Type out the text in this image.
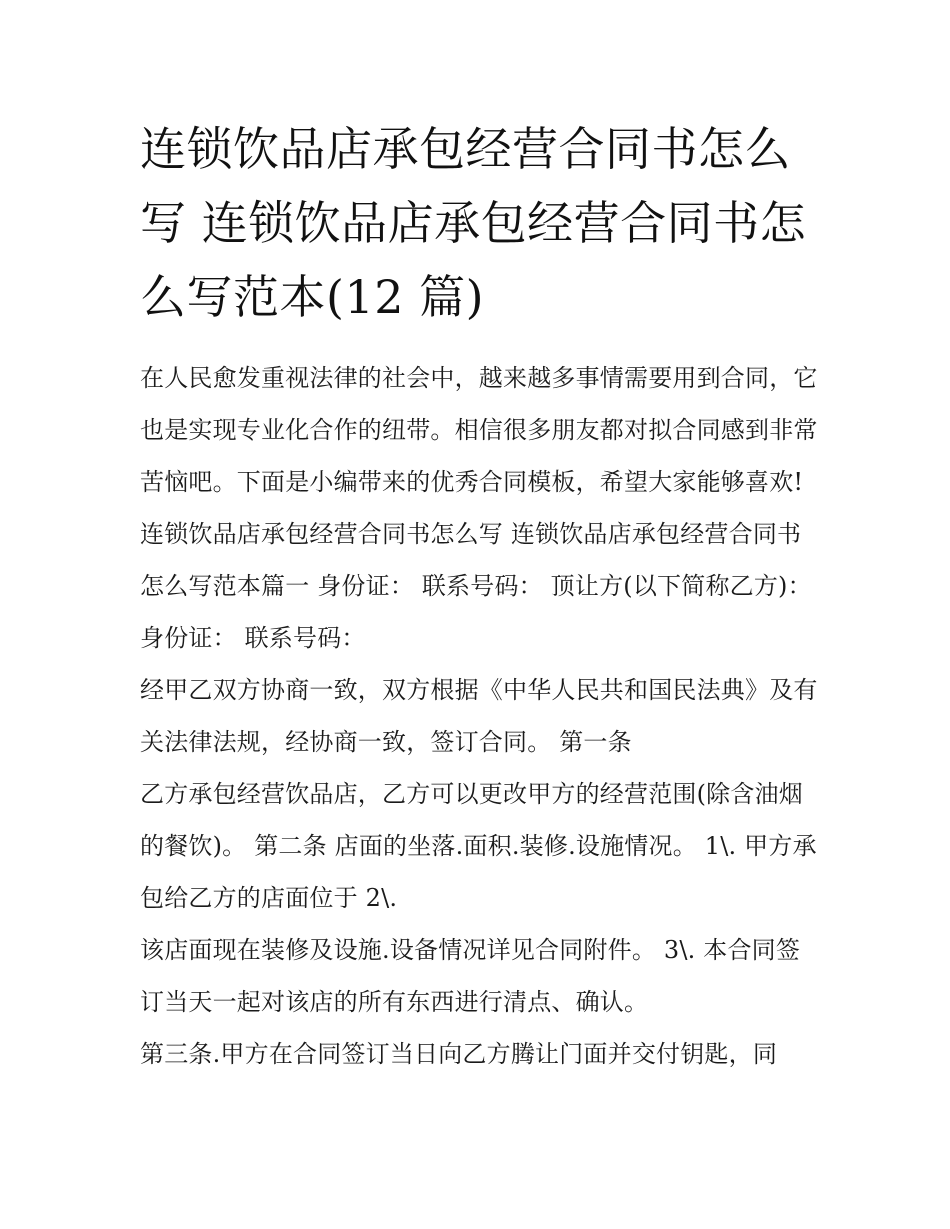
连锁饮品店承包经营合同书怎么写 连锁饮品店承包经营合同书怎么写范本(12 篇)

在人民愈发重视法律的社会中，越来越多事情需要用到合同，它也是实现专业化合作的纽带。相信很多朋友都对拟合同感到非常苦恼吧。下面是小编带来的优秀合同模板，希望大家能够喜欢!

连锁饮品店承包经营合同书怎么写 连锁饮品店承包经营合同书怎么写范本篇一 身份证： 联系号码： 顶让方(以下简称乙方)： 身份证： 联系号码：

经甲乙双方协商一致，双方根据《中华人民共和国民法典》及有关法律法规，经协商一致，签订合同。 第一条

乙方承包经营饮品店，乙方可以更改甲方的经营范围(除含油烟的餐饮)。 第二条 店面的坐落.面积.装修.设施情况。 1\. 甲方承包给乙方的店面位于 2\.

该店面现在装修及设施.设备情况详见合同附件。 3\. 本合同签订当天一起对该店的所有东西进行清点、确认。

第三条.甲方在合同签订当日向乙方腾让门面并交付钥匙，同
